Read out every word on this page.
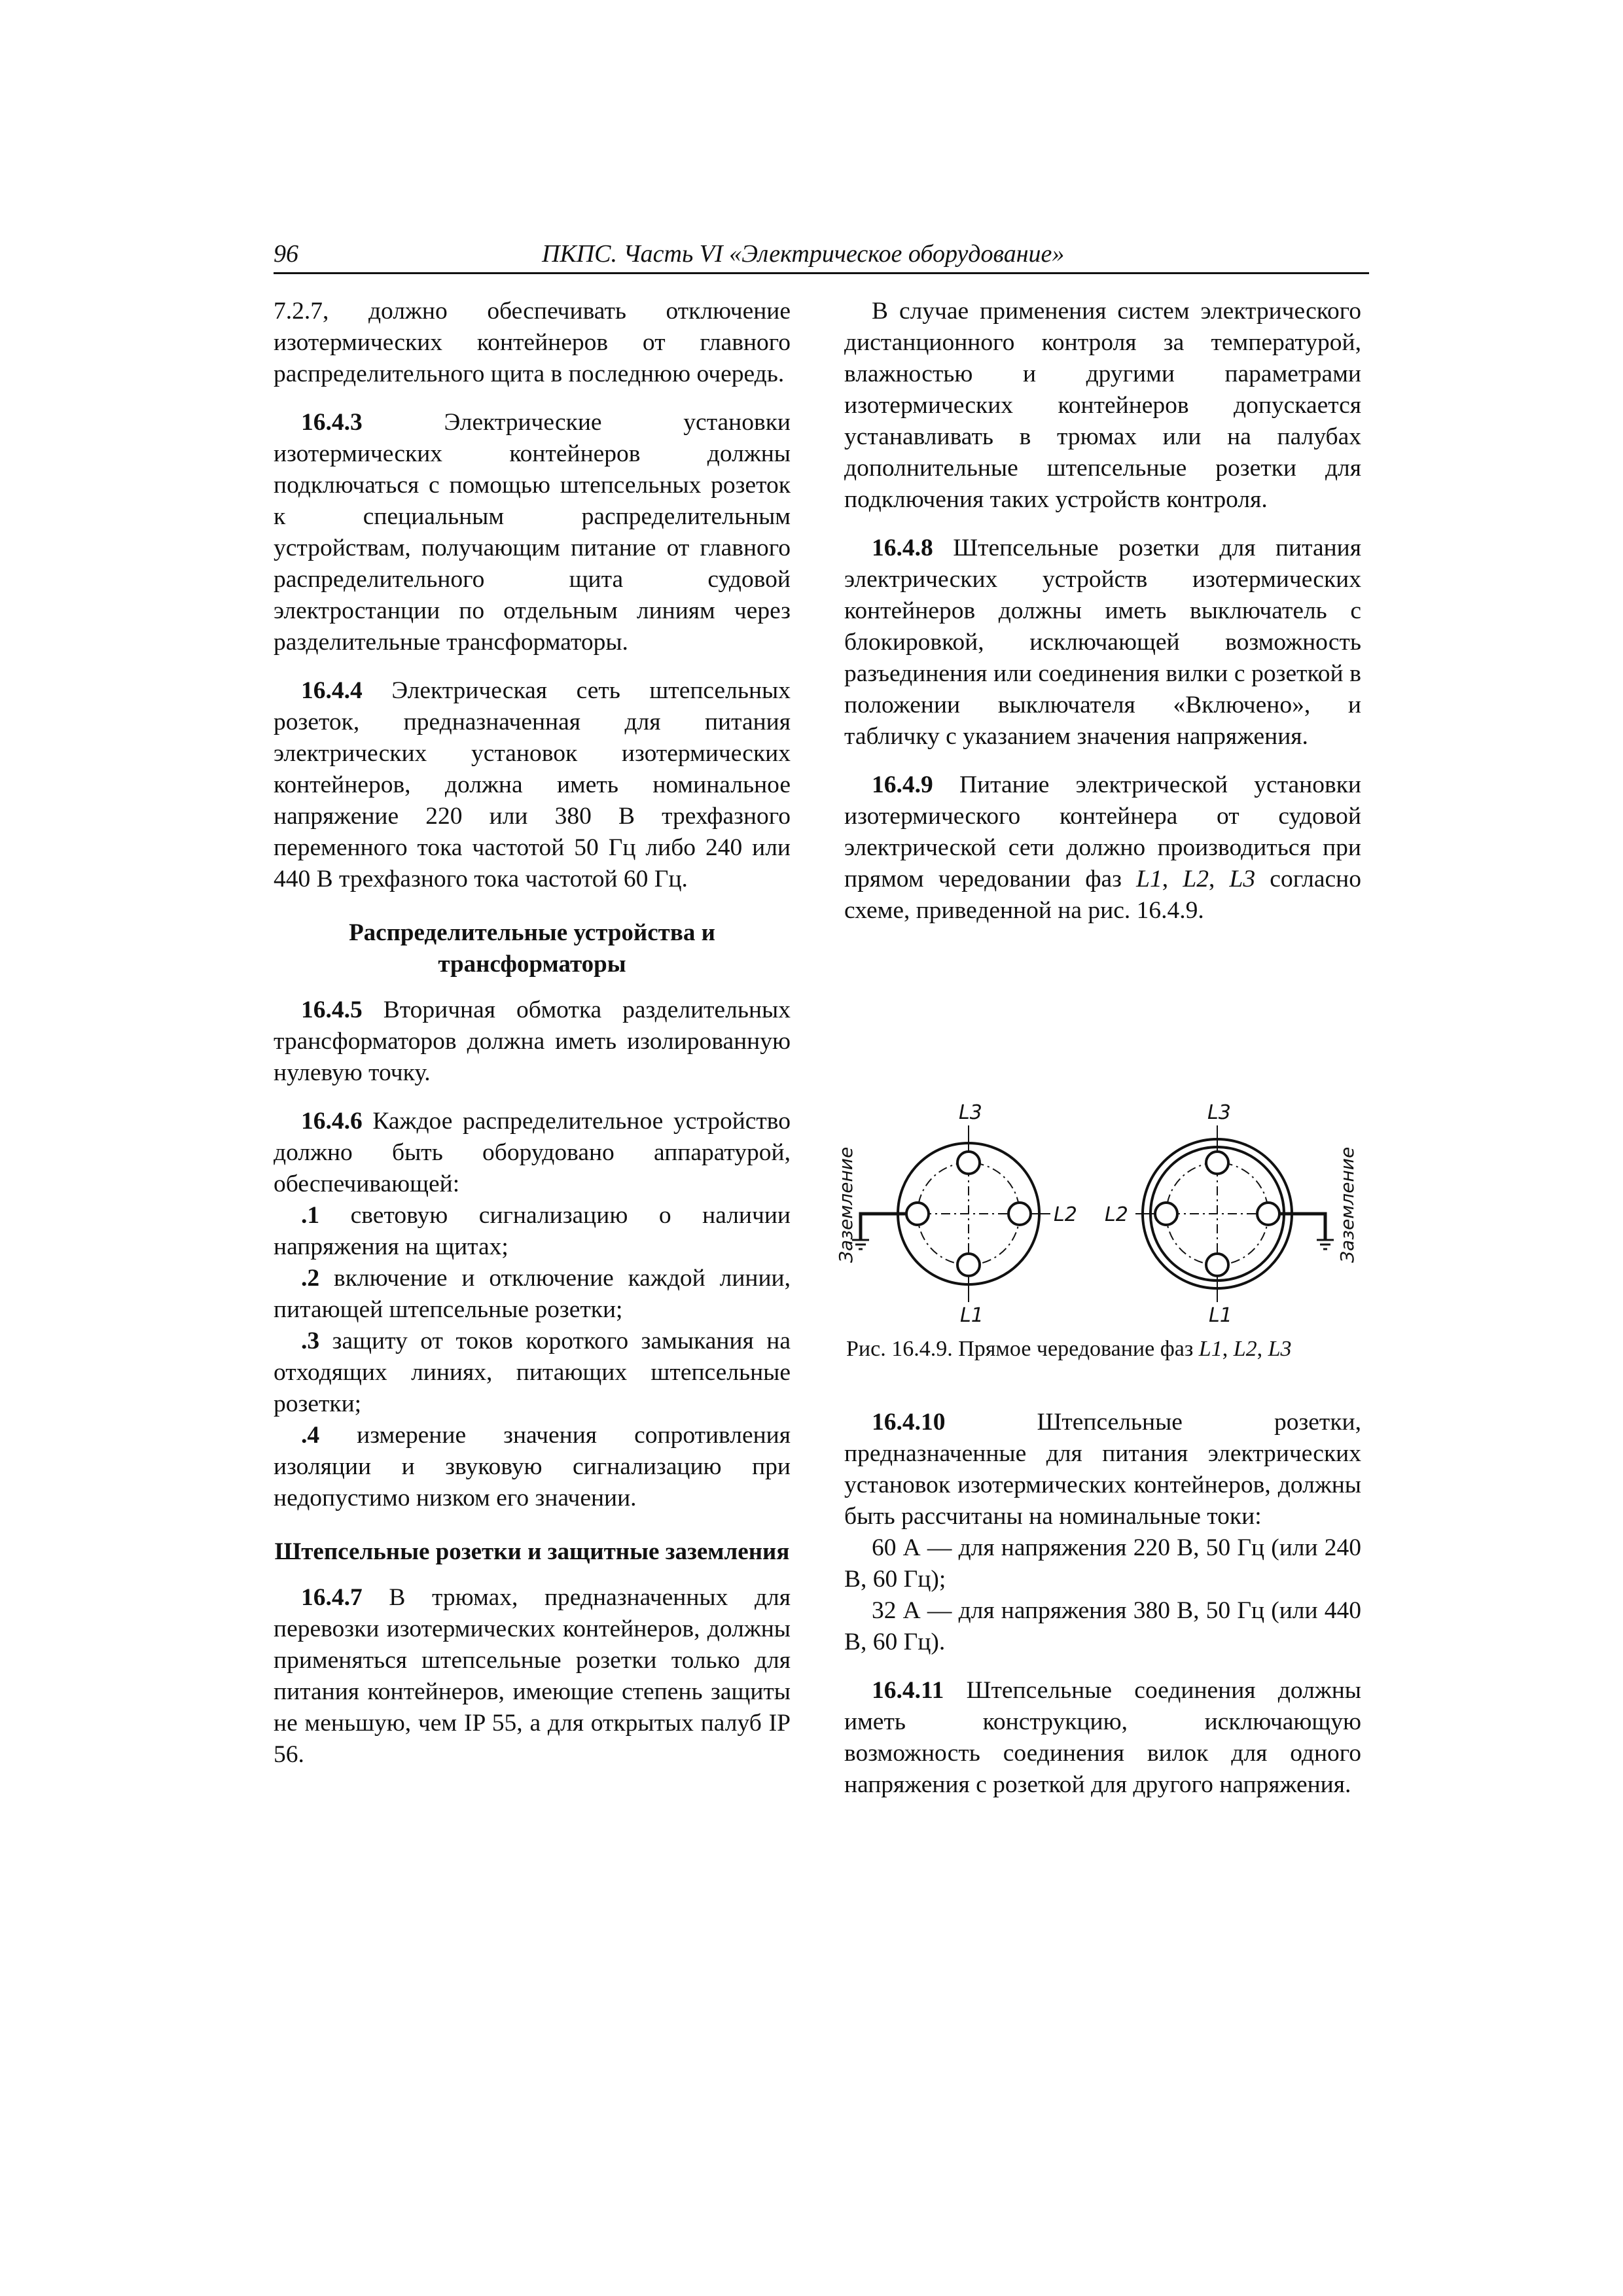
96	ПКПС. Часть VI «Электрическое оборудование»

7.2.7, должно обеспечивать отключение изотермических контейнеров от главного распределительного щита в последнюю очередь.

16.4.3 Электрические установки изотермических контейнеров должны подключаться с помощью штепсельных розеток к специальным распределительным устройствам, получающим питание от главного распределительного щита судовой электростанции по отдельным линиям через разделительные трансформаторы.

16.4.4 Электрическая сеть штепсельных розеток, предназначенная для питания электрических установок изотермических контейнеров, должна иметь номинальное напряжение 220 или 380 В трехфазного переменного тока частотой 50 Гц либо 240 или 440 В трехфазного тока частотой 60 Гц.

Распределительные устройства и трансформаторы

16.4.5 Вторичная обмотка разделительных трансформаторов должна иметь изолированную нулевую точку.

16.4.6 Каждое распределительное устройство должно быть оборудовано аппаратурой, обеспечивающей:

.1 световую сигнализацию о наличии напряжения на щитах;

.2 включение и отключение каждой линии, питающей штепсельные розетки;

.3 защиту от токов короткого замыкания на отходящих линиях, питающих штепсельные розетки;

.4 измерение значения сопротивления изоляции и звуковую сигнализацию при недопустимо низком его значении.

Штепсельные розетки и защитные заземления

16.4.7 В трюмах, предназначенных для перевозки изотермических контейнеров, должны применяться штепсельные розетки только для питания контейнеров, имеющие степень защиты не меньшую, чем IP 55, а для открытых палуб IP 56.

В случае применения систем электрического дистанционного контроля за температурой, влажностью и другими параметрами изотермических контейнеров допускается устанавливать в трюмах или на палубах дополнительные штепсельные розетки для подключения таких устройств контроля.

16.4.8 Штепсельные розетки для питания электрических устройств изотермических контейнеров должны иметь выключатель с блокировкой, исключающей возможность разъединения или соединения вилки с розеткой в положении выключателя «Включено», и табличку с указанием значения напряжения.

16.4.9 Питание электрической установки изотермического контейнера от судовой электрической сети должно производиться при прямом чередовании фаз L1, L2, L3 согласно схеме, приведенной на рис. 16.4.9.

L3
L2
L1
Заземление
L3
L2
L1
Заземление
Рис. 16.4.9. Прямое чередование фаз L1, L2, L3

16.4.10 Штепсельные розетки, предназначенные для питания электрических установок изотермических контейнеров, должны быть рассчитаны на номинальные токи:

60 А — для напряжения 220 В, 50 Гц (или 240 В, 60 Гц);

32 А — для напряжения 380 В, 50 Гц (или 440 В, 60 Гц).

16.4.11 Штепсельные соединения должны иметь конструкцию, исключающую возможность соединения вилок для одного напряжения с розеткой для другого напряжения.
